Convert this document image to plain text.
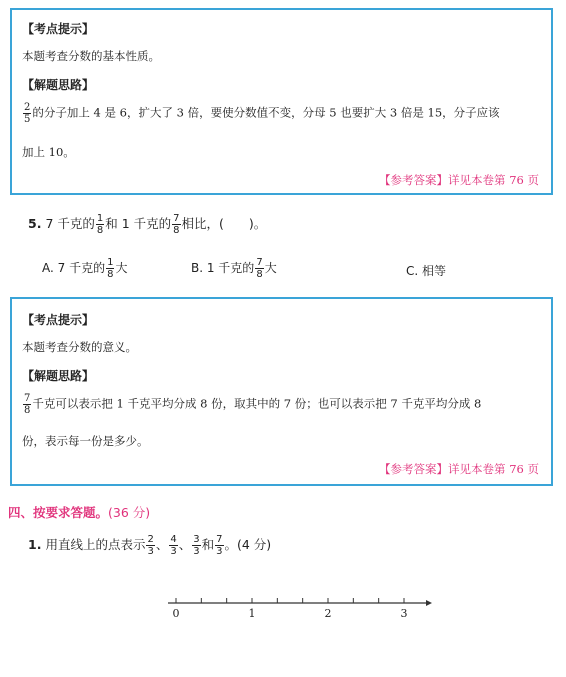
【考点提示】
本题考查分数的基本性质。
【解题思路】
$\frac{2}{5}$ 的分子加上 4 是 6，扩大了 3 倍，要使分数值不变，分母 5 也要扩大 3 倍是 15，分子应该
加上 10。
【参考答案】详见本卷第 76 页
5. 7 千克的 $\frac{1}{8}$ 和 1 千克的 $\frac{7}{8}$ 相比，(　　)。
A. 7 千克的 $\frac{1}{8}$ 大	B. 1 千克的 $\frac{7}{8}$ 大	C. 相等
【考点提示】
本题考查分数的意义。
【解题思路】
$\frac{7}{8}$ 千克可以表示把 1 千克平均分成 8 份，取其中的 7 份；也可以表示把 7 千克平均分成 8
份，表示每一份是多少。
【参考答案】详见本卷第 76 页
四、按要求答题。(36 分)
1. 用直线上的点表示 $\frac{2}{3}$ 、 $\frac{4}{3}$ 、 $\frac{3}{3}$ 和 $\frac{7}{3}$ 。(4 分)
0	1	2	3
